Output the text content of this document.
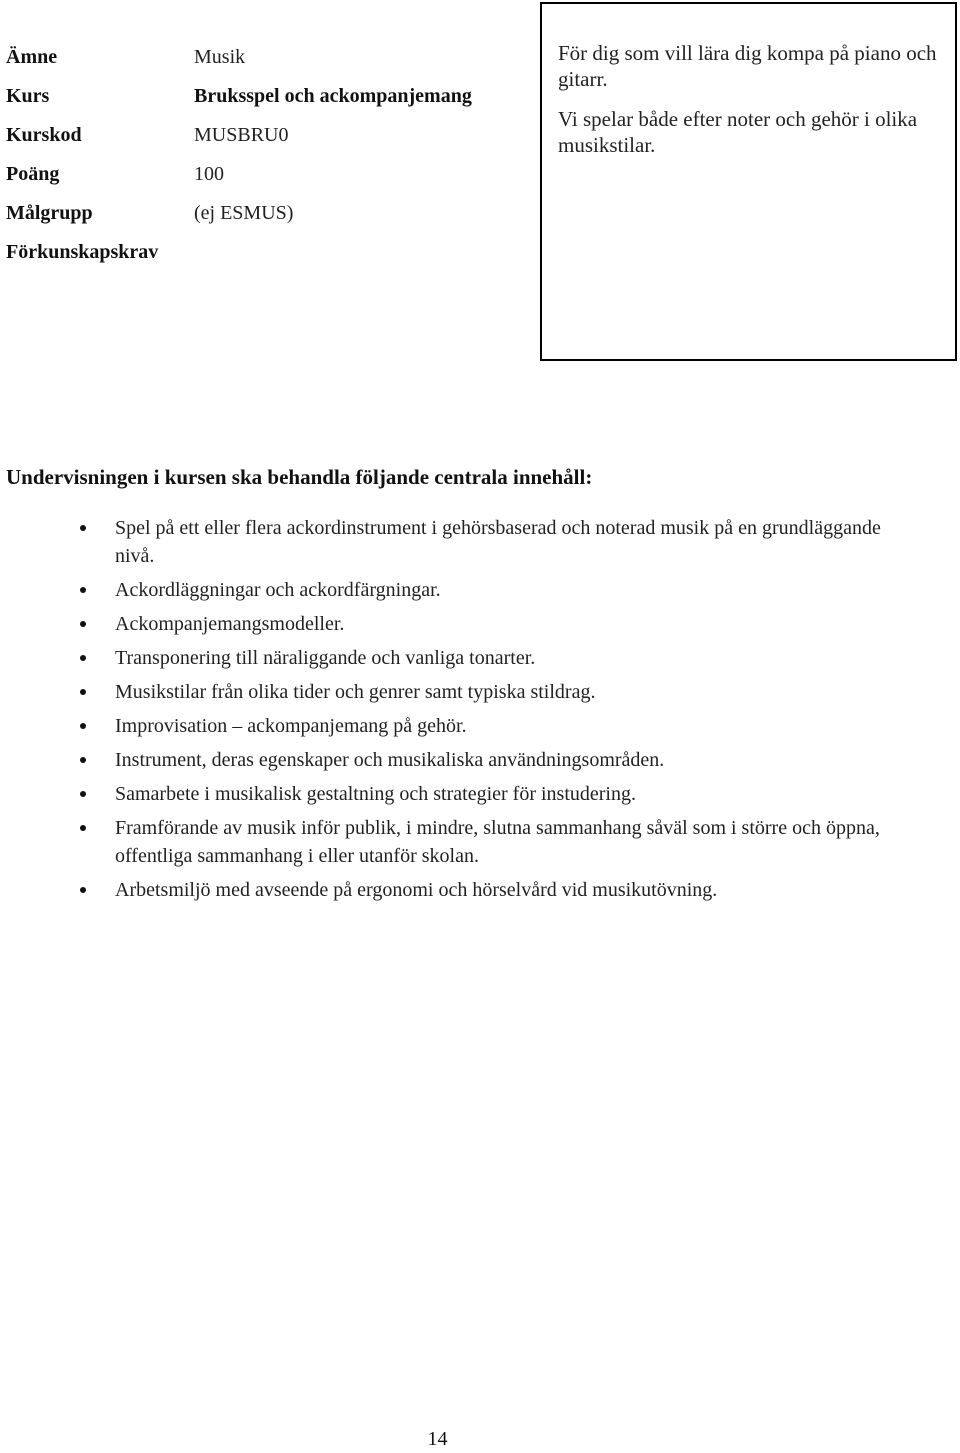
Ämne	Musik
Kurs	Bruksspel och ackompanjemang
Kurskod	MUSBRU0
Poäng	100
Målgrupp	(ej ESMUS)
Förkunskapskrav

För dig som vill lära dig kompa på piano och gitarr.

Vi spelar både efter noter och gehör i olika musikstilar.

Undervisningen i kursen ska behandla följande centrala innehåll:
Spel på ett eller flera ackordinstrument i gehörsbaserad och noterad musik på en grundläggande nivå.
Ackordläggningar och ackordfärgningar.
Ackompanjemangsmodeller.
Transponering till näraliggande och vanliga tonarter.
Musikstilar från olika tider och genrer samt typiska stildrag.
Improvisation – ackompanjemang på gehör.
Instrument, deras egenskaper och musikaliska användningsområden.
Samarbete i musikalisk gestaltning och strategier för instudering.
Framförande av musik inför publik, i mindre, slutna sammanhang såväl som i större och öppna, offentliga sammanhang i eller utanför skolan.
Arbetsmiljö med avseende på ergonomi och hörselvård vid musikutövning.
14
